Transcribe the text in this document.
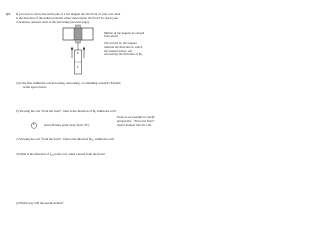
Q7. If you were to move the north pole of a bar magnet into the front of your coil, what
is the direction of the induced current when viewed from the front? To reach your
conclusion, answers each of the following (see next page).
N
S
Motion of the magnet as viewed
from above
The arrows by the magnet
indicate the direction in which
the magnet moves, not
necessarily the direction of $B_b$.
a) Is the flux within the coil increasing, decreasing, or remaining constant? Explain
in the space below.
b) Viewing the coil “from the front”, what is the direction of $B_b$ within the coil?
X	(since B lines point away from "N")
Done as an example to clarify
perspective. “From the front”
means lookout into the coil.
c) Viewing the coil “from the front”, what is the direction $B_{ind}$ within the coil?
d) What is the direction of $I_{ind}$ in the coil, when viewed from the front?
e) Which way will the needle deflect?
